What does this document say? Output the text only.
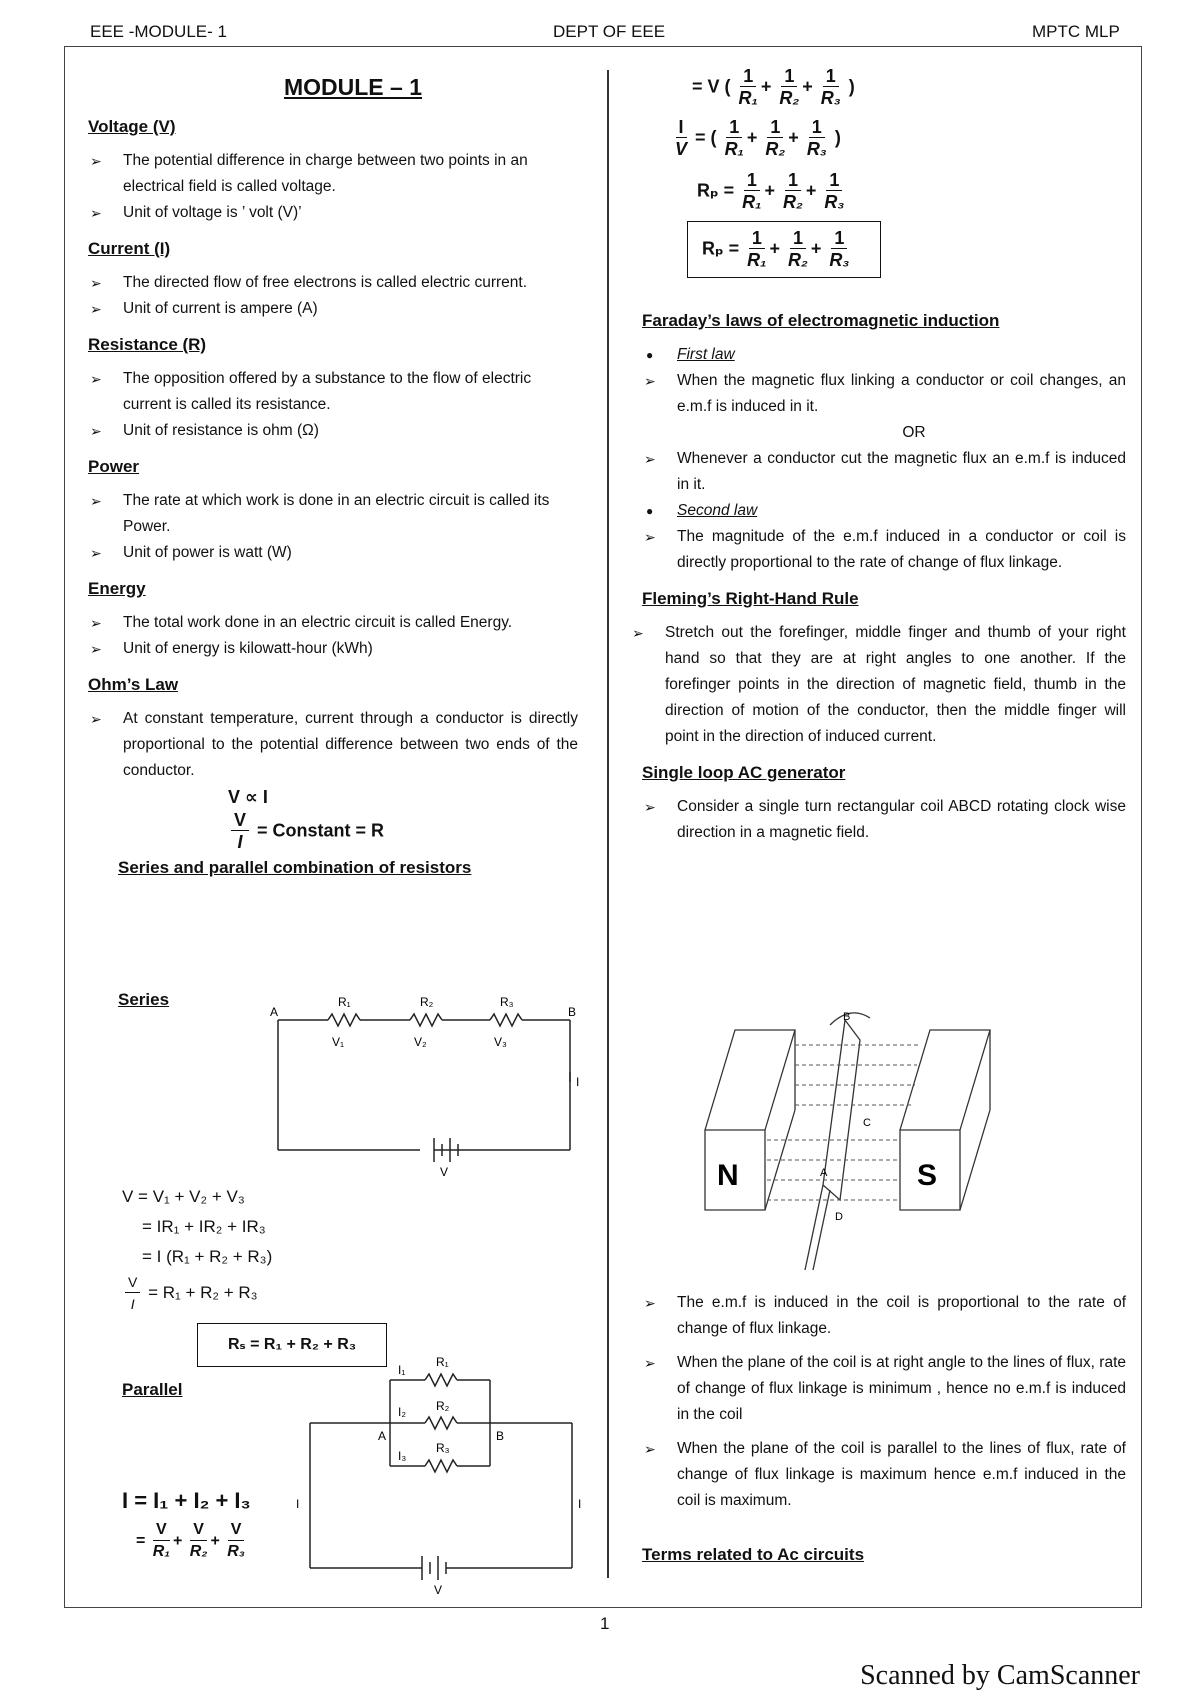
EEE -MODULE- 1	DEPT OF EEE	MPTC MLP
MODULE – 1
Voltage (V)
➢ The potential difference in charge between two points in an electrical field is called voltage.
➢ Unit of voltage is ’ volt (V)’
Current (I)
➢ The directed flow of free electrons is called electric current.
➢ Unit of current is ampere (A)
Resistance (R)
➢ The opposition offered by a substance to the flow of electric current is called its resistance.
➢ Unit of resistance is ohm (Ω)
Power
➢ The rate at which work is done in an electric circuit is called its Power.
➢ Unit of power is watt (W)
Energy
➢ The total work done in an electric circuit is called Energy.
➢ Unit of energy is kilowatt-hour (kWh)
Ohm’s Law
➢ At constant temperature, current through a conductor is directly proportional to the potential difference between two ends of the conductor.
V ∝ I
$\frac{V}{I}$ = Constant = R
Series and parallel combination of resistors
Series
A	B
R₁	R₂	R₃
V₁	V₂	V₃
I
V
V = V₁ + V₂ + V₃
= IR₁ + IR₂ + IR₃
= I (R₁ + R₂ + R₃)
$\frac{V}{I} = R_1 + R_2 + R_3$
Rₛ = R₁ + R₂ + R₃
Parallel
A	B
I₁
I₂
I₃
R₁
R₂
R₃
I	I
V
I = I₁ + I₂ + I₃
= $\frac{V}{\text{R₁}} + \frac{V}{\text{R₂}} + \frac{V}{\text{R₃}}$
= V ( $\frac{1}{\text{R₁}} + \frac{1}{\text{R₂}} + \frac{1}{\text{R₃}}$ )
$\frac{I}{V}$ = ( $\frac{1}{\text{R₁}} + \frac{1}{\text{R₂}} + \frac{1}{\text{R₃}}$ )
$R_p = \frac{1}{\text{R₁}} + \frac{1}{\text{R₂}} + \frac{1}{\text{R₃}}$
$R_p = \frac{1}{\text{R₁}} + \frac{1}{\text{R₂}} + \frac{1}{\text{R₃}}$
Faraday’s laws of electromagnetic induction
● First law
➢ When the magnetic flux linking a conductor or coil changes, an e.m.f is induced in it.
OR
➢ Whenever a conductor cut the magnetic flux an e.m.f is induced in it.
● Second law
➢ The magnitude of the e.m.f induced in a conductor or coil is directly proportional to the rate of change of flux linkage.
Fleming’s Right-Hand Rule
➢ Stretch out the forefinger, middle finger and thumb of your right hand so that they are at right angles to one another. If the forefinger points in the direction of magnetic field, thumb in the direction of motion of the conductor, then the middle finger will point in the direction of induced current.
Single loop AC generator
➢ Consider a single turn rectangular coil ABCD rotating clock wise direction in a magnetic field.
N	S
A
B
C
D
➢ The e.m.f is induced in the coil is proportional to the rate of change of flux linkage.
➢ When the plane of the coil is at right angle to the lines of flux, rate of change of flux linkage is minimum , hence no e.m.f is induced in the coil
➢ When the plane of the coil is parallel to the lines of flux, rate of change of flux linkage is maximum hence e.m.f induced in the coil is maximum.
Terms related to Ac circuits
1
Scanned by CamScanner
